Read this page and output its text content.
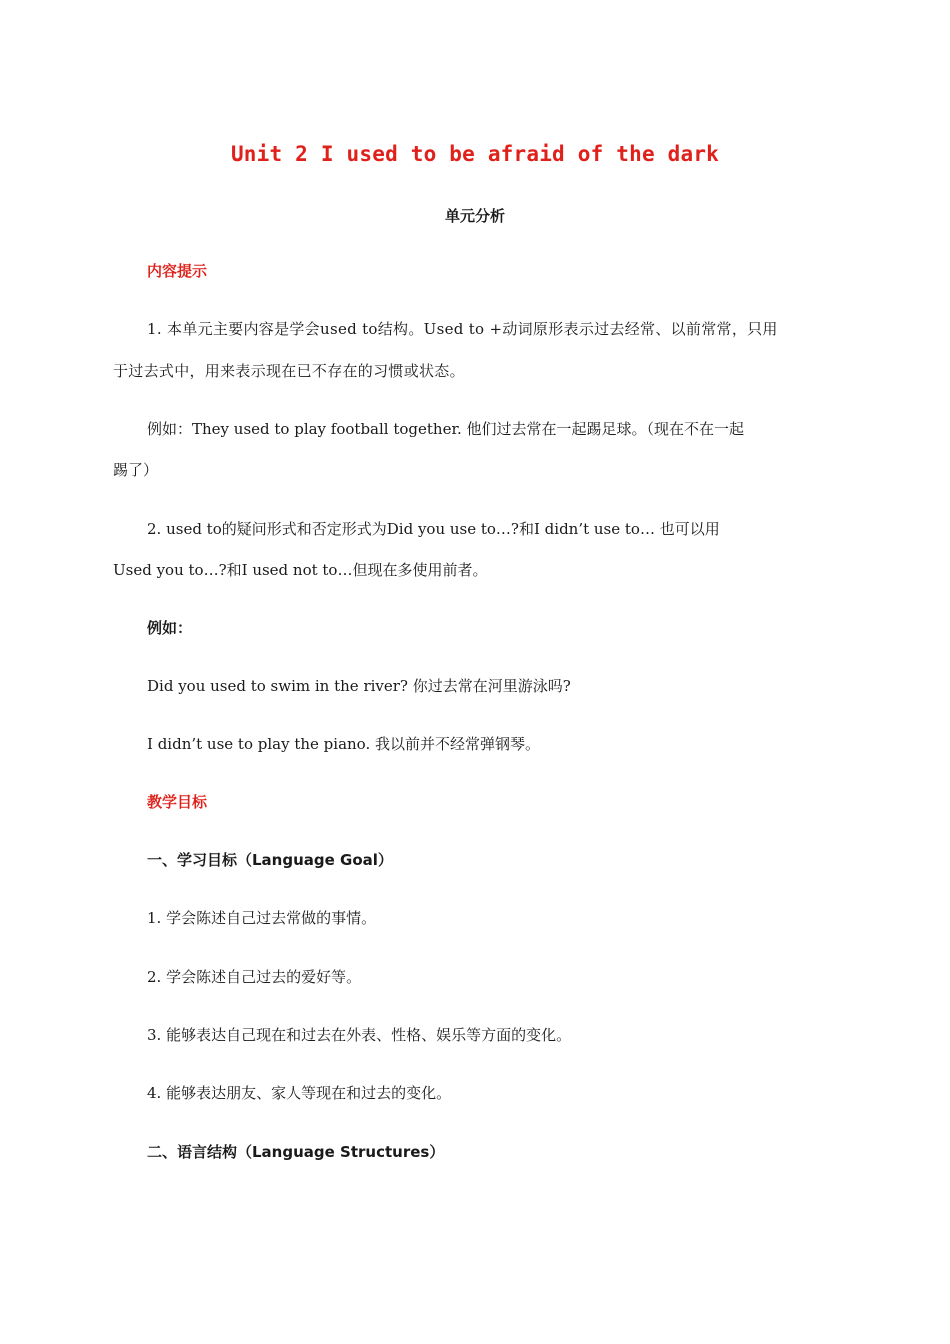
Unit 2 I used to be afraid of the dark
单元分析
内容提示
1. 本单元主要内容是学会used to结构。Used to +动词原形表示过去经常、以前常常，只用
于过去式中，用来表示现在已不存在的习惯或状态。
例如：They used to play football together. 他们过去常在一起踢足球。（现在不在一起
踢了）
2. used to的疑问形式和否定形式为Did you use to…?和I didn’t use to… 也可以用
Used you to…?和I used not to…但现在多使用前者。
例如：
Did you used to swim in the river? 你过去常在河里游泳吗?
I didn’t use to play the piano. 我以前并不经常弹钢琴。
教学目标
一、学习目标（Language Goal）
1. 学会陈述自己过去常做的事情。
2. 学会陈述自己过去的爱好等。
3. 能够表达自己现在和过去在外表、性格、娱乐等方面的变化。
4. 能够表达朋友、家人等现在和过去的变化。
二、语言结构（Language Structures）
